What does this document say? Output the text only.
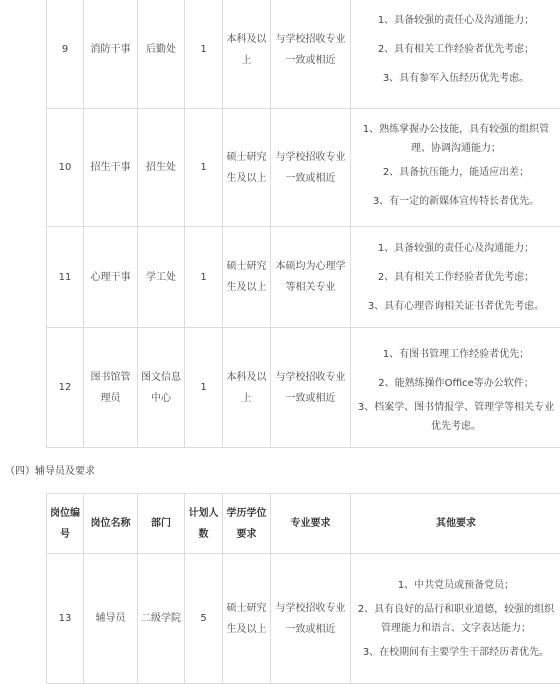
9	消防干事	后勤处	1	本科及以上	与学校招收专业一致或相近	1、具备较强的责任心及沟通能力；

2、具有相关工作经验者优先考虑；

3、具有参军入伍经历优先考虑。

10	招生干事	招生处	1	硕士研究生及以上	与学校招收专业一致或相近	1、熟练掌握办公技能，具有较强的组织管理、协调沟通能力；

2、具备抗压能力，能适应出差；

3、有一定的新媒体宣传特长者优先。

11	心理干事	学工处	1	硕士研究生及以上	本硕均为心理学等相关专业	1、具备较强的责任心及沟通能力；

2、具有相关工作经验者优先考虑；

3、具有心理咨询相关证书者优先考虑。

12	图书馆管理员	图文信息中心	1	本科及以上	与学校招收专业一致或相近	1、有图书管理工作经验者优先；

2、能熟练操作Office等办公软件；

3、档案学、图书情报学、管理学等相关专业优先考虑。

（四）辅导员及要求
岗位编号	岗位名称	部门	计划人数	学历学位要求	专业要求	其他要求
13	辅导员	二级学院	5	硕士研究生及以上	与学校招收专业一致或相近	1、中共党员或预备党员；

2、具有良好的品行和职业道德，较强的组织管理能力和语言、文字表达能力；

3、在校期间有主要学生干部经历者优先。
